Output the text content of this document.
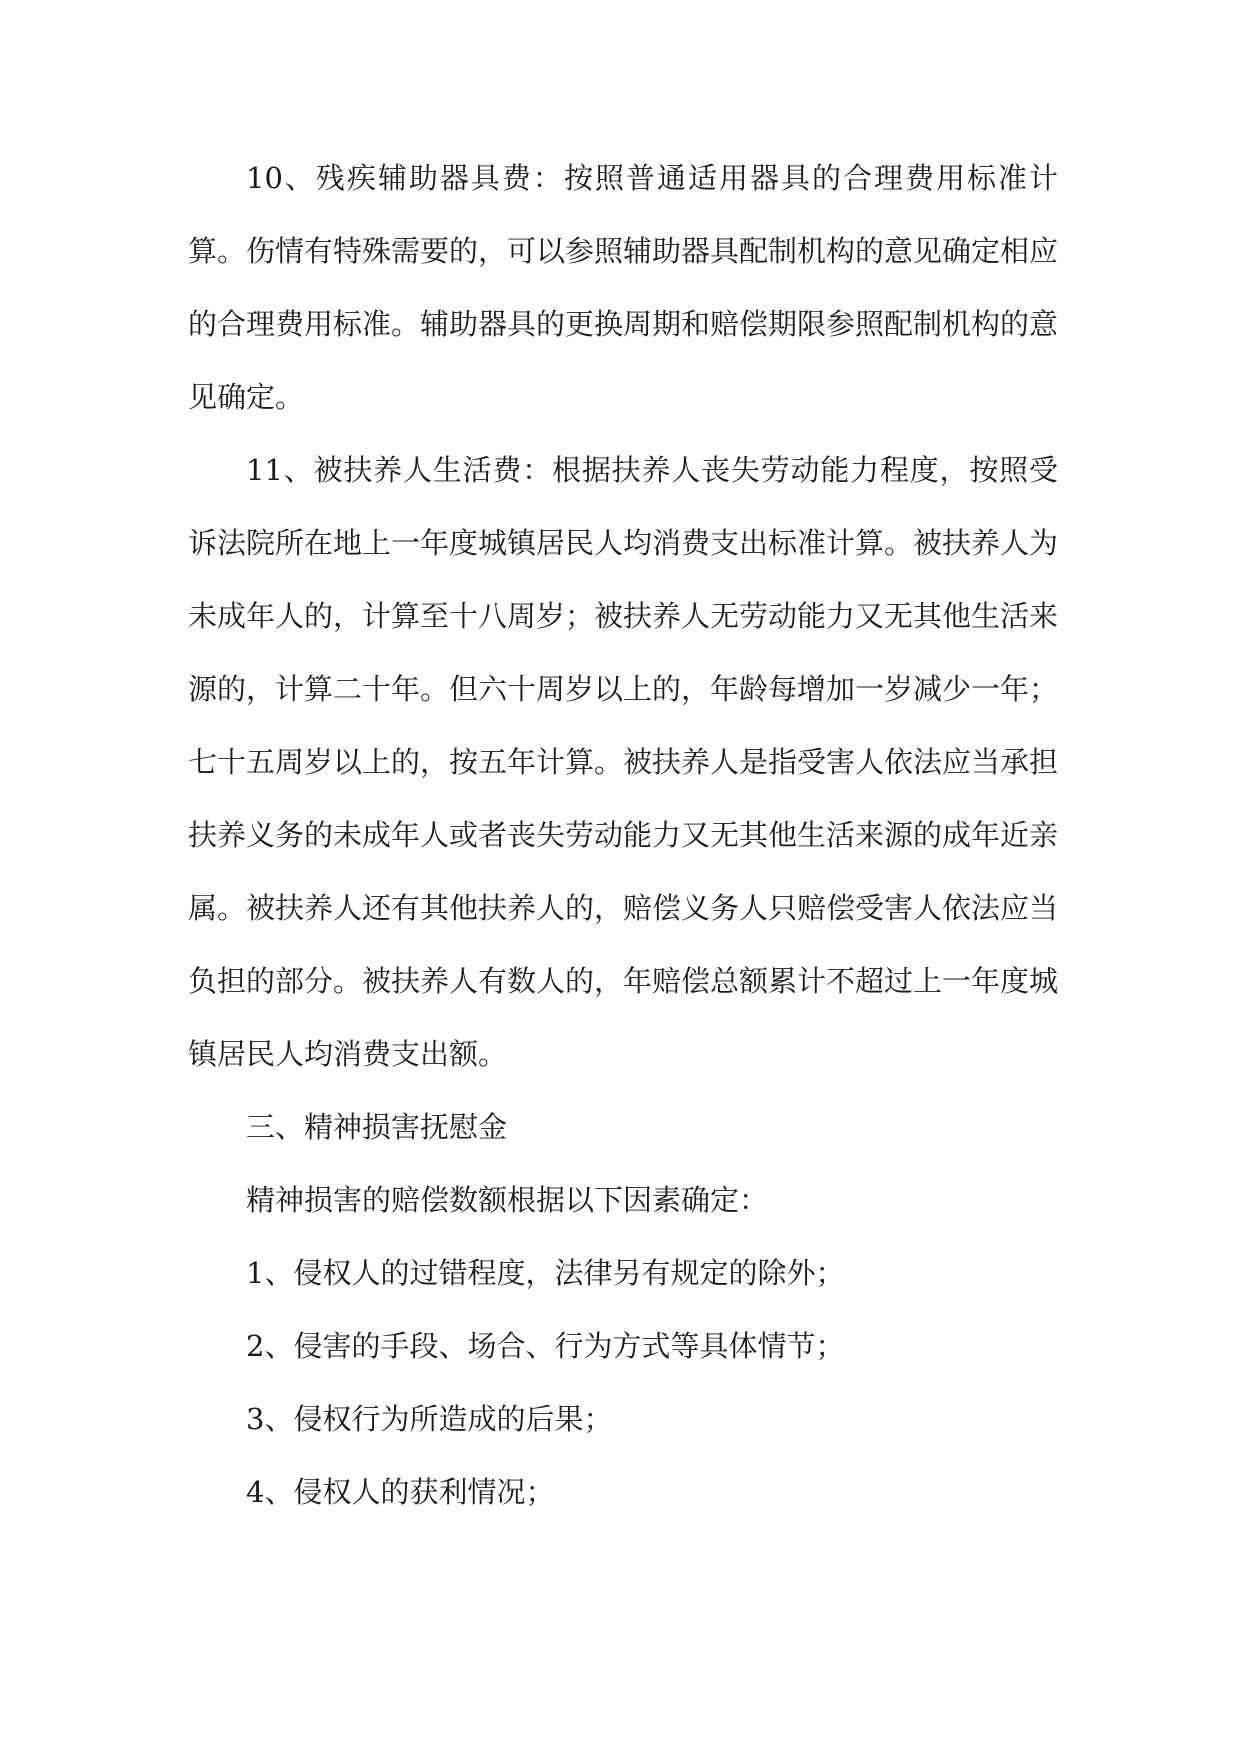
10、残疾辅助器具费：按照普通适用器具的合理费用标准计算。伤情有特殊需要的，可以参照辅助器具配制机构的意见确定相应的合理费用标准。辅助器具的更换周期和赔偿期限参照配制机构的意见确定。

11、被扶养人生活费：根据扶养人丧失劳动能力程度，按照受诉法院所在地上一年度城镇居民人均消费支出标准计算。被扶养人为未成年人的，计算至十八周岁；被扶养人无劳动能力又无其他生活来源的，计算二十年。但六十周岁以上的，年龄每增加一岁减少一年；七十五周岁以上的，按五年计算。被扶养人是指受害人依法应当承担扶养义务的未成年人或者丧失劳动能力又无其他生活来源的成年近亲属。被扶养人还有其他扶养人的，赔偿义务人只赔偿受害人依法应当负担的部分。被扶养人有数人的，年赔偿总额累计不超过上一年度城镇居民人均消费支出额。

三、精神损害抚慰金

精神损害的赔偿数额根据以下因素确定：

1、侵权人的过错程度，法律另有规定的除外；

2、侵害的手段、场合、行为方式等具体情节；

3、侵权行为所造成的后果；

4、侵权人的获利情况；
